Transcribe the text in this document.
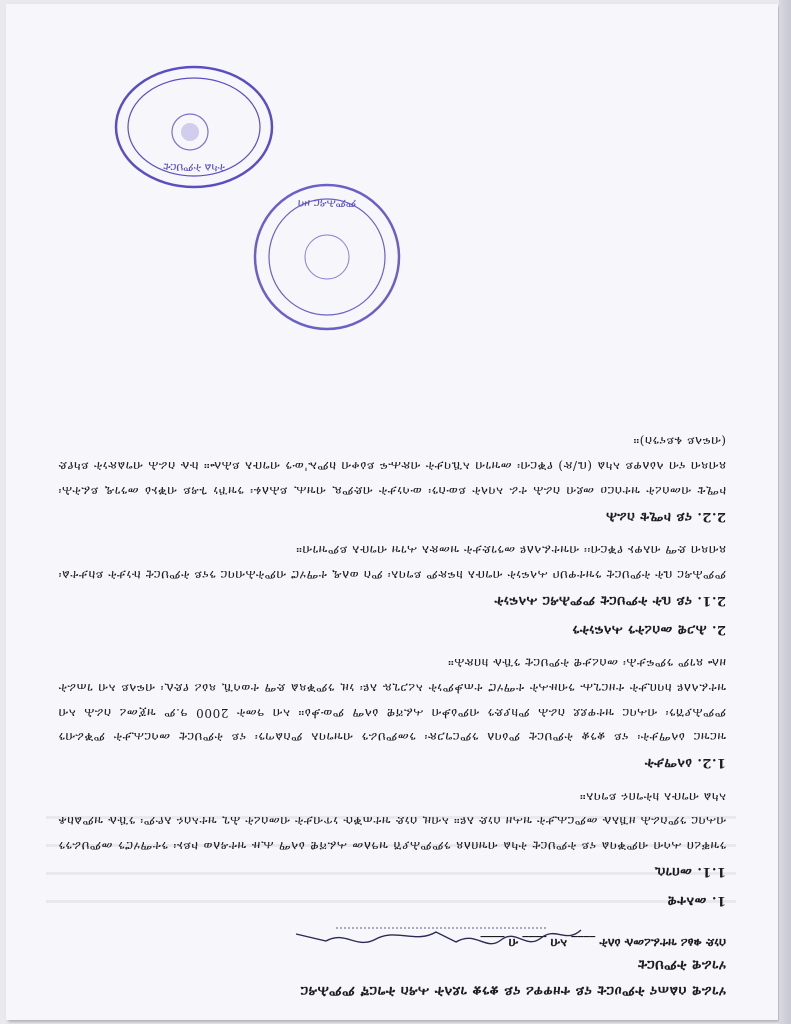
ሃገራዊ ሰልጠና ትምሀርቲ ናይ ተዘዋዋሪ ናይ ቋንቋ ገደላት ሓዳስ ትግርኛ ምምሕዳር
ሃገራዊ ትምህርቲ
ሰነድ ቁፅሪ ዝተፈረመሉ ዕለት ____ ኣብ ____ ብ ____
1. መእተዊ
1.1. መበገሲ

ንዝቐረበ ሓሳብ ብምቕባል ናይ ትምህርቲ ትካል ብዝበለጸ ንምምሕያሽ ዝዓለመ ሓፈሻዊ ዕላማ ሒዙ ዝተዳለወ ኮይኑ፡ ንተማሃሮን መምህራንን ብሓባር ንምስራሕ ዘኽእሉ መምርሒታት ዝሓዘ ሰነድ እዩ። ኣብዚ ሰነድ ዝተጠቕሱ ነጥብታት ብመሰረት ሕጊ ዝተኣሰሩ እዮም፡ ንኹሉ ዝምልከቶ ኣካል ብግቡእ ክትግበሩ ይግባእ።

1.2. ዕላማታት

ዝርዝር ዕላማታት፡ ናይ ቋንቋ ትምህርቲ ምዕባለ ንምርግጋጽ፡ ንመምህራን ብዝግባእ ምስልጣን፡ ናይ ትምህርቲ መሳርሒታት ምቕራብን ምምሕያሽን፡ ብሓባር ዝተዋደደ ስራሕ ምክያድን ብምዕቃብ ሓፈሻዊ ዕላማ ምውቃዕ። ኣብ ዓመት 2000 ዓ.ም ዝጀመረ ስራሕ ኣብ ዝተፈላለዩ ከባቢታት ተዘርጊሑ ንብዙሓት ተማሃሮ ተጠቃምነት ኣረጋጊጹ እዩ፡ ነዚ ንምቕጻል ድማ ተወሳኺ ጻዕሪ የድሊ፡ ብፍላይ ኣብ ገጠራት ዘሎ ጸገም ንምፍታሕ፡ መሰረታዊ ትምህርቲ ንኹሉ ክበጽሕ።

2. ሕጋዊ መሰረትን ሓላፍነትን
2.1. ናይ ቤት ትምህርቲ ምምሕዳር ሓላፍነት

ምምሕዳር ቤት ትምህርቲ ንዝተዋህቦ ሓላፍነት ብግቡእ ክፍጽም ይግባእ፡ ምስ ወለዲ ተማሃሮ ብምትሕብባር ንናይ ትምህርቲ ኩነታት ይከታተል፡ ጸብጻብ ድማ ብእዋኑ የቕርብ፡፡ ብዝተፈላለዩ መንገድታት ዝመጽእ ሓገዝ ብግቡእ ይምዝገብ።

2.2. ናይ ኮሚቴ ስራሕ

ኮሚቴ ብመሰረት ዝተሰርዐ መደብ ስራሕ ተራ ኣባላት ይውስን፡ ውሳነታት ብድምጺ ብዝሒ ይሕለፉ፡ ንዝኾነ ጉዳይ ብቕኑዕ መንገዲ ይፈትሕ፡ ጸብጻብ ናብ ላዕለዋይ ኣካል (ቤ/ጽ) የቕርብ፡ መዝገብ ኣኼባታት ብጽሑፍ ይዕቀብ ከምኡ'ውን ብግቡእ ይሕሎ። ኩሉ ስራሕ ብግልጽነት ይካየድ (ብፍላይ ፋይናንስ)።

ትካል ትምህርቲ
ምምሕዳር ዞባ
